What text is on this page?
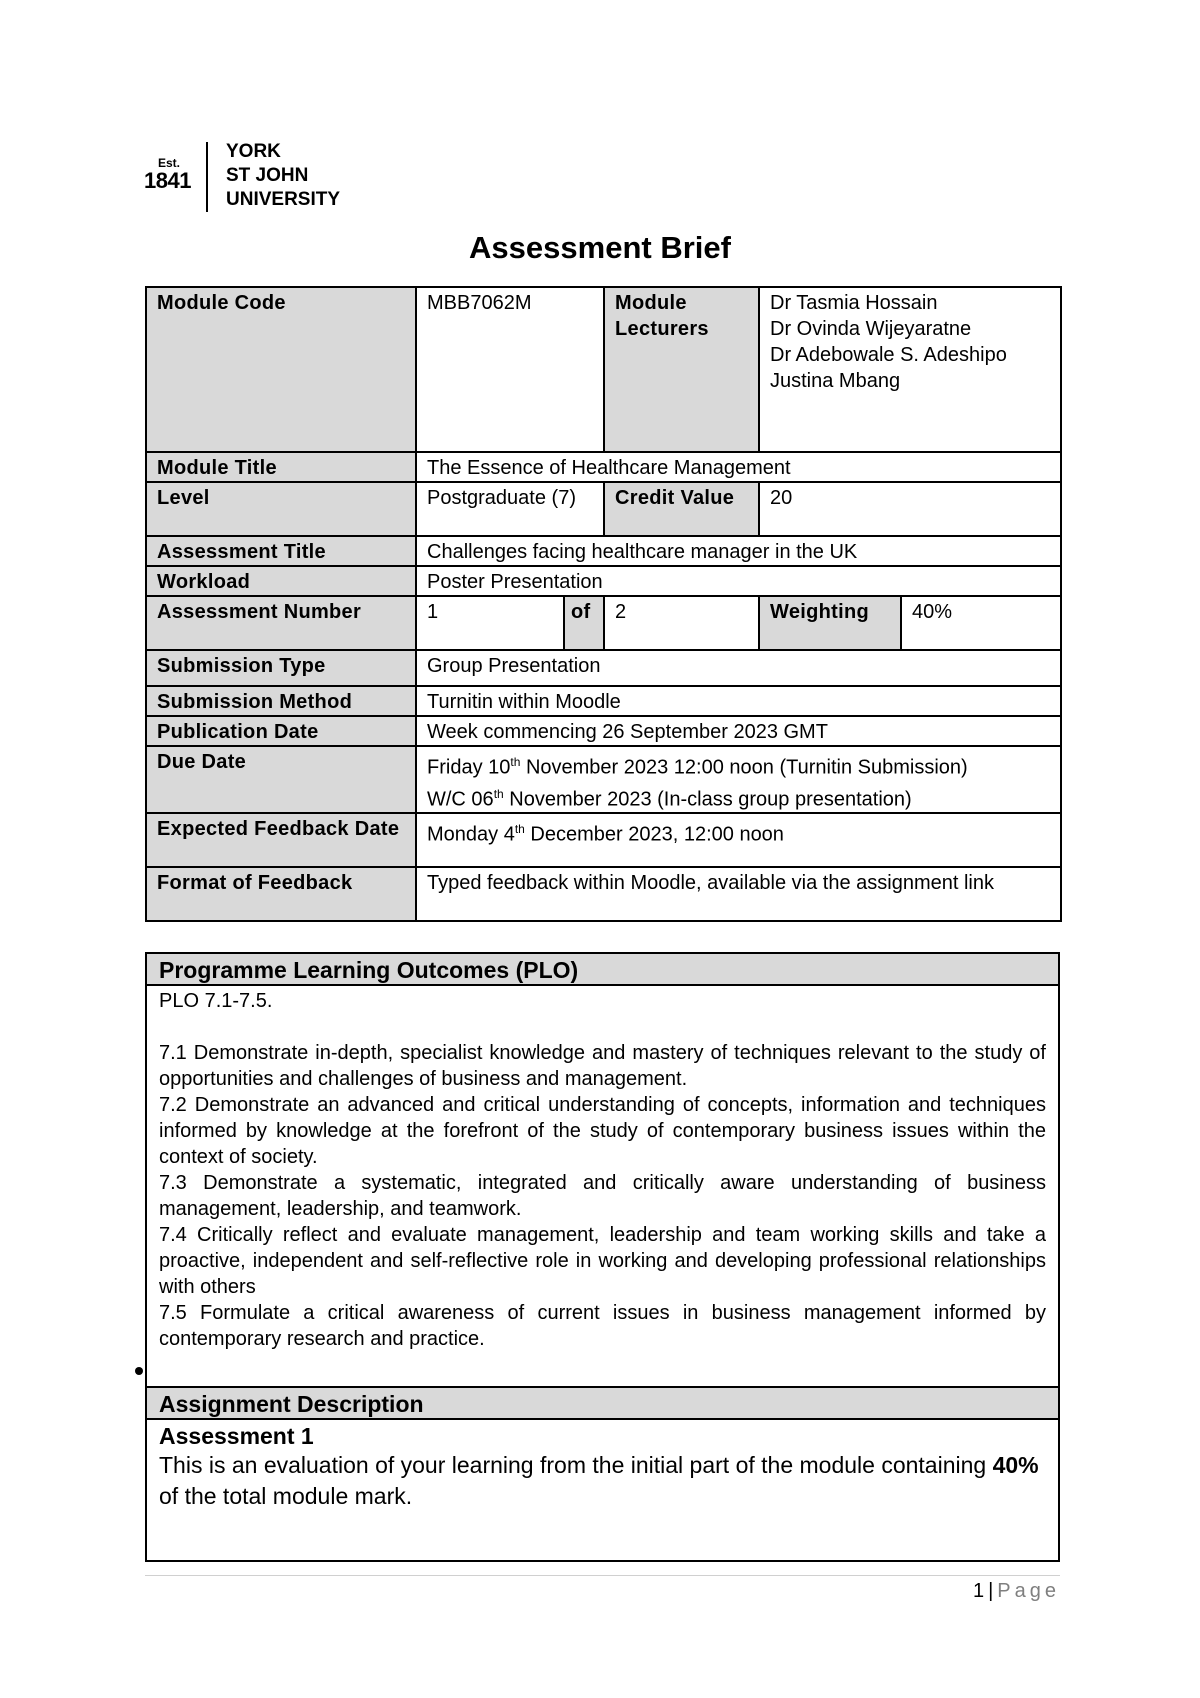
Est.
1841
YORK
ST JOHN
UNIVERSITY
Assessment Brief
Module Code	MBB7062M		Module Lecturers	Dr Tasmia Hossain
Dr Ovinda Wijeyaratne
Dr Adebowale S. Adeshipo
Justina Mbang	

Module Title	The Essence of Healthcare Management				
Level	Postgraduate (7)		Credit Value	20	
Assessment Title	Challenges facing healthcare manager in the UK				
Workload	Poster Presentation				
Assessment Number	1	of	2	Weighting	40%
Submission Type	Group Presentation				
Submission Method	Turnitin within Moodle				
Publication Date	Week commencing 26 September 2023 GMT				
Due Date	Friday 10th November 2023 12:00 noon (Turnitin Submission)
W/C 06th November 2023 (In-class group presentation)				

Expected Feedback Date	Monday 4th December 2023, 12:00 noon				
Format of Feedback	Typed feedback within Moodle, available via the assignment link				
Programme Learning Outcomes (PLO)

PLO 7.1-7.5.

7.1 Demonstrate in-depth, specialist knowledge and mastery of techniques relevant to the study of opportunities and challenges of business and management.

7.2 Demonstrate an advanced and critical understanding of concepts, information and techniques informed by knowledge at the forefront of the study of contemporary business issues within the context of society.

7.3 Demonstrate a systematic, integrated and critically aware understanding of business management, leadership, and teamwork.

7.4 Critically reflect and evaluate management, leadership and team working skills and take a proactive, independent and self-reflective role in working and developing professional relationships with others

7.5 Formulate a critical awareness of current issues in business management informed by contemporary research and practice.

Assignment Description

Assessment 1
This is an evaluation of your learning from the initial part of the module containing 40% of the total module mark.
1 | Page
